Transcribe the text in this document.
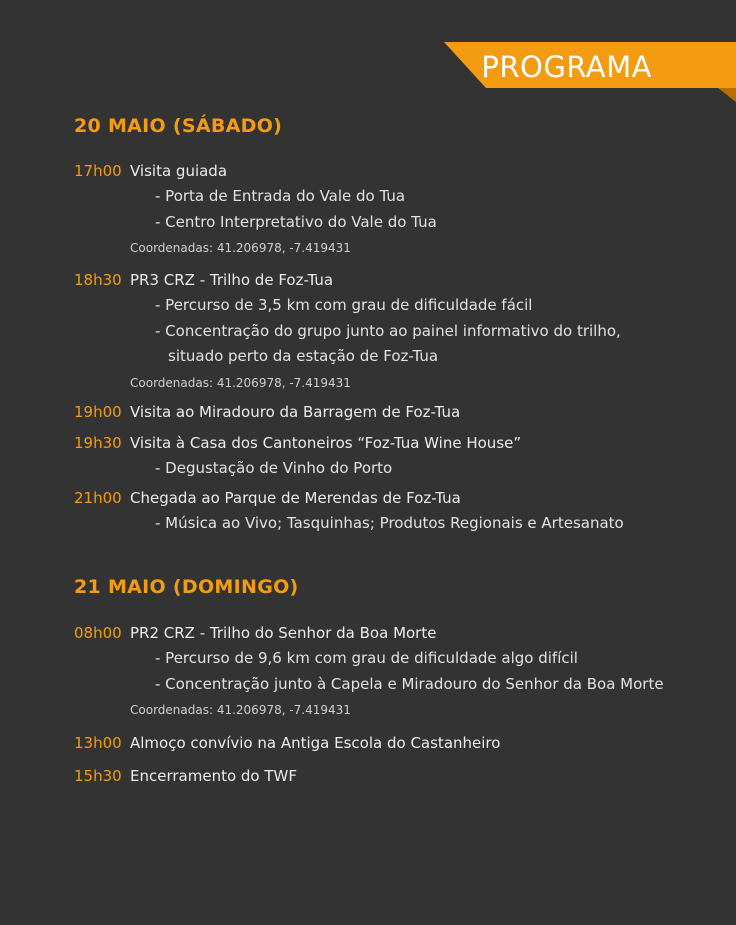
PROGRAMA
20 MAIO (SÁBADO)
17h00 Visita guiada
- Porta de Entrada do Vale do Tua
- Centro Interpretativo do Vale do Tua
Coordenadas: 41.206978, -7.419431
18h30 PR3 CRZ - Trilho de Foz-Tua
- Percurso de 3,5 km com grau de dificuldade fácil
- Concentração do grupo junto ao painel informativo do trilho,
situado perto da estação de Foz-Tua
Coordenadas: 41.206978, -7.419431
19h00 Visita ao Miradouro da Barragem de Foz-Tua
19h30 Visita à Casa dos Cantoneiros “Foz-Tua Wine House”
- Degustação de Vinho do Porto
21h00 Chegada ao Parque de Merendas de Foz-Tua
- Música ao Vivo; Tasquinhas; Produtos Regionais e Artesanato
21 MAIO (DOMINGO)
08h00 PR2 CRZ - Trilho do Senhor da Boa Morte
- Percurso de 9,6 km com grau de dificuldade algo difícil
- Concentração junto à Capela e Miradouro do Senhor da Boa Morte
Coordenadas: 41.206978, -7.419431
13h00 Almoço convívio na Antiga Escola do Castanheiro
15h30 Encerramento do TWF
